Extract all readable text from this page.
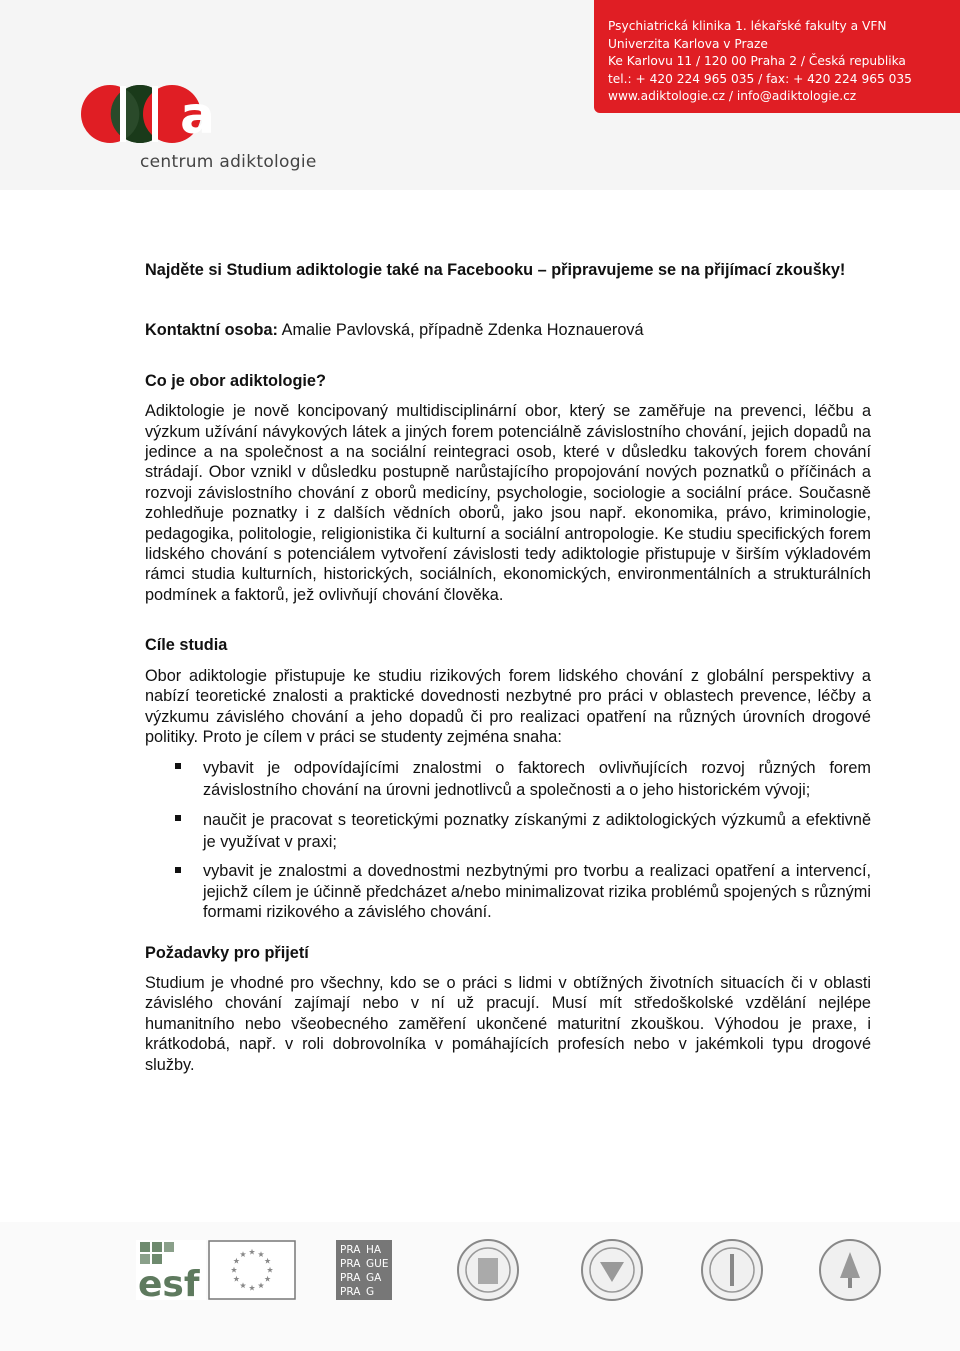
Psychiatrická klinika 1. lékařské fakulty a VFN
Univerzita Karlova v Praze
Ke Karlovu 11 / 120 00 Praha 2 / Česká republika
tel.: + 420 224 965 035 / fax: + 420 224 965 035
www.adiktologie.cz / info@adiktologie.cz
a
centrum adiktologie

Najděte si Studium adiktologie také na Facebooku – připravujeme se na přijímací zkoušky!

Kontaktní osoba: Amalie Pavlovská, případně Zdenka Hoznauerová

Co je obor adiktologie?

Adiktologie je nově koncipovaný multidisciplinární obor, který se zaměřuje na prevenci, léčbu a výzkum užívání návykových látek a jiných forem potenciálně závislostního chování, jejich dopadů na jedince a na společnost a na sociální reintegraci osob, které v důsledku takových forem chování strádají. Obor vznikl v důsledku postupně narůstajícího propojování nových poznatků o příčinách a rozvoji závislostního chování z oborů medicíny, psychologie, sociologie a sociální práce. Současně zohledňuje poznatky i z dalších vědních oborů, jako jsou např. ekonomika, právo, kriminologie, pedagogika, politologie, religionistika či kulturní a sociální antropologie. Ke studiu specifických forem lidského chování s potenciálem vytvoření závislosti tedy adiktologie přistupuje v širším výkladovém rámci studia kulturních, historických, sociálních, ekonomických, environmentálních a strukturálních podmínek a faktorů, jež ovlivňují chování člověka.

Cíle studia

Obor adiktologie přistupuje ke studiu rizikových forem lidského chování z globální perspektivy a nabízí teoretické znalosti a praktické dovednosti nezbytné pro práci v oblastech prevence, léčby a výzkumu závislého chování a jeho dopadů či pro realizaci opatření na různých úrovních drogové politiky. Proto je cílem v práci se studenty zejména snaha:

vybavit je odpovídajícími znalostmi o faktorech ovlivňujících rozvoj různých forem závislostního chování na úrovni jednotlivců a společnosti a o jeho historickém vývoji;
naučit je pracovat s teoretickými poznatky získanými z adiktologických výzkumů a efektivně je využívat v praxi;
vybavit je znalostmi a dovednostmi nezbytnými pro tvorbu a realizaci opatření a intervencí, jejichž cílem je účinně předcházet a/nebo minimalizovat rizika problémů spojených s různými formami rizikového a závislého chování.

Požadavky pro přijetí

Studium je vhodné pro všechny, kdo se o práci s lidmi v obtížných životních situacích či v oblasti závislého chování zajímají nebo v ní už pracují. Musí mít středoškolské vzdělání nejlépe humanitního nebo všeobecného zaměření ukončené maturitní zkouškou. Výhodou je praxe, i krátkodobá, např. v roli dobrovolníka v pomáhajících profesích nebo v jakémkoli typu drogové služby.

esf
PRA HA
PRA GUE
PRA GA
PRA G
